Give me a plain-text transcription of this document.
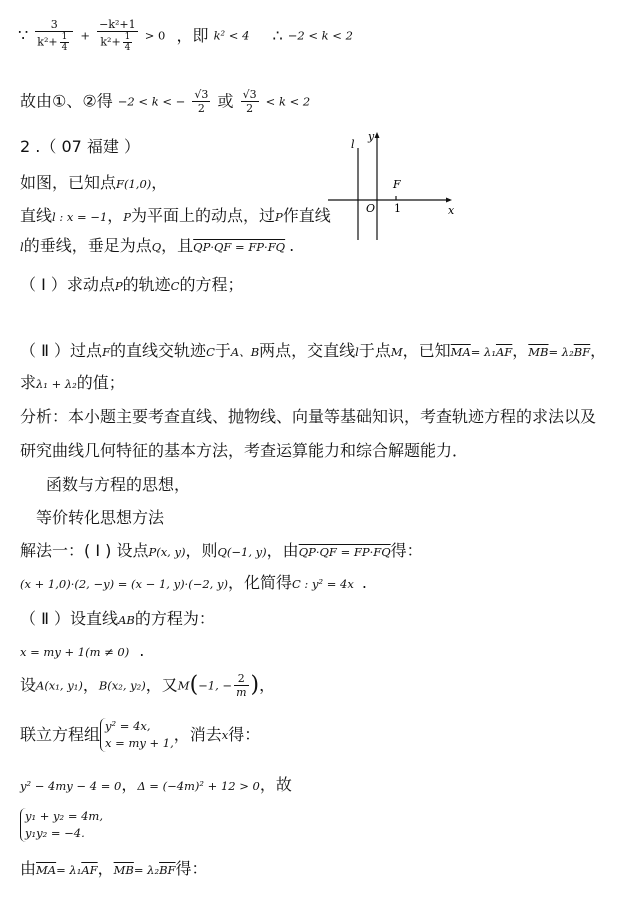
∵ $\frac{3}{k^2+ \frac{1}{4}} + \frac{\text{−k²+1}}{k^2+ \frac{1}{4}} > 0$ ，即 k² < 4 ∴ −2 < k < 2
故由①、②得 −2 < k < − $\frac{√3}{2}$ 或 $\frac{√3}{2} < k < 2$
2 .（ 07 福建 ）
y
x
l
F
O 1
如图，已知点F(1,0)，
直线l : x = −1，P为平面上的动点，过P作直线
l的垂线，垂足为点Q，且QP·QF = FP·FQ .
（ Ⅰ ）求动点P的轨迹C的方程；
（ Ⅱ ）过点F的直线交轨迹C于A、B两点，交直线l于点M，已知$\overline{MA}= \lambda_1\overline{AF}$，$\overline{MB}= \lambda_2\overline{BF}$，
求λ₁ + λ₂的值；
分析：本小题主要考查直线、抛物线、向量等基础知识，考查轨迹方程的求法以及
研究曲线几何特征的基本方法，考查运算能力和综合解题能力．
函数与方程的思想，
等价转化思想方法
解法一：( Ⅰ ) 设点P(x, y)，则Q(−1, y)，由QP·QF = FP·FQ得：
(x + 1,0)·(2, −y) = (x − 1, y)·(−2, y)，化简得C : y² = 4x .
（ Ⅱ ）设直线AB的方程为：
x = my + 1(m ≠ 0) .
设A(x₁, y₁)，B(x₂, y₂)，又M(−1, − $\frac{2}{m}$ )，
联立方程组 y² = 4x,
x = my + 1,，消去x得：
y² − 4my − 4 = 0，Δ = (−4m)² + 12 > 0，故
y₁ + y₂ = 4m,
y₁y₂ = −4.
由$\overline{MA}= \lambda_1\overline{AF}$，$\overline{MB}= \lambda_2\overline{BF}$得：
